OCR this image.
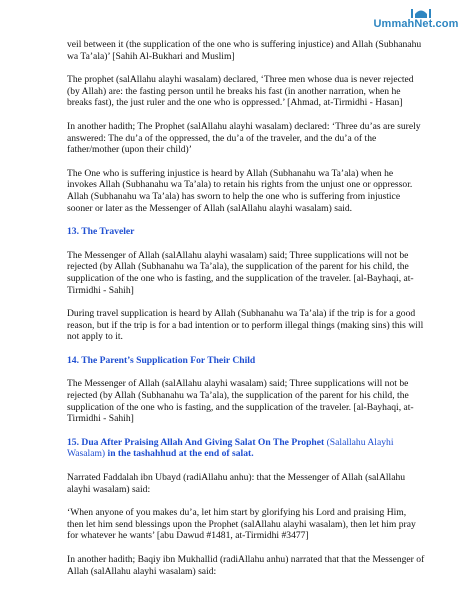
UmmahNet.com

veil between it (the supplication of the one who is suffering injustice) and Allah (Subhanahu wa Ta’ala)’ [Sahih Al-Bukhari and Muslim]

The prophet (salAllahu alayhi wasalam) declared, ‘Three men whose dua is never rejected (by Allah) are: the fasting person until he breaks his fast (in another narration, when he breaks fast), the just ruler and the one who is oppressed.’ [Ahmad, at-Tirmidhi - Hasan]

In another hadith; The Prophet (salAllahu alayhi wasalam) declared: ‘Three du’as are surely answered: The du’a of the oppressed, the du’a of the traveler, and the du’a of the father/mother (upon their child)’

The One who is suffering injustice is heard by Allah (Subhanahu wa Ta’ala) when he invokes Allah (Subhanahu wa Ta’ala) to retain his rights from the unjust one or oppressor. Allah (Subhanahu wa Ta’ala) has sworn to help the one who is suffering from injustice sooner or later as the Messenger of Allah (salAllahu alayhi wasalam) said.

13. The Traveler

The Messenger of Allah (salAllahu alayhi wasalam) said; Three supplications will not be rejected (by Allah (Subhanahu wa Ta’ala), the supplication of the parent for his child, the supplication of the one who is fasting, and the supplication of the traveler. [al-Bayhaqi, at-Tirmidhi - Sahih]

During travel supplication is heard by Allah (Subhanahu wa Ta’ala) if the trip is for a good reason, but if the trip is for a bad intention or to perform illegal things (making sins) this will not apply to it.

14. The Parent’s Supplication For Their Child

The Messenger of Allah (salAllahu alayhi wasalam) said; Three supplications will not be rejected (by Allah (Subhanahu wa Ta’ala), the supplication of the parent for his child, the supplication of the one who is fasting, and the supplication of the traveler. [al-Bayhaqi, at-Tirmidhi - Sahih]

15. Dua After Praising Allah And Giving Salat On The Prophet (Salallahu Alayhi Wasalam) in the tashahhud at the end of salat.

Narrated Faddalah ibn Ubayd (radiAllahu anhu): that the Messenger of Allah (salAllahu alayhi wasalam) said:

‘When anyone of you makes du’a, let him start by glorifying his Lord and praising Him, then let him send blessings upon the Prophet (salAllahu alayhi wasalam), then let him pray for whatever he wants’ [abu Dawud #1481, at-Tirmidhi #3477]

In another hadith; Baqiy ibn Mukhallid (radiAllahu anhu) narrated that that the Messenger of Allah (salAllahu alayhi wasalam) said:
